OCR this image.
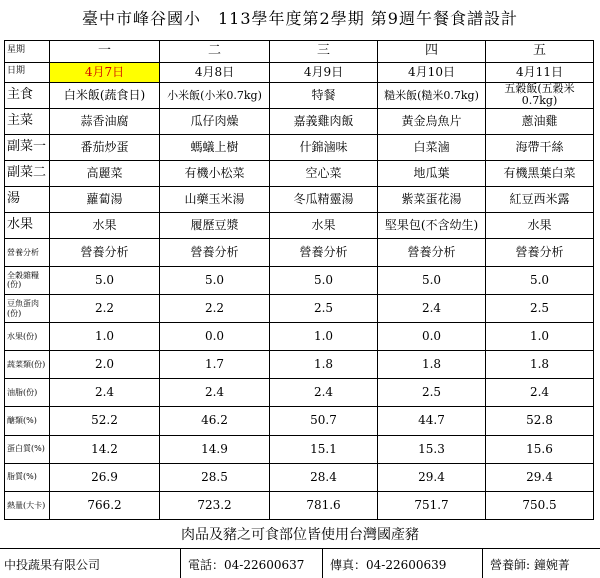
臺中市峰谷國小　113學年度第2學期 第9週午餐食譜設計
星期	一	二	三	四	五
日期	4月7日	4月8日	4月9日	4月10日	4月11日
主食	白米飯(蔬食日)	小米飯(小米0.7kg)	特餐	糙米飯(糙米0.7kg)	五穀飯(五穀米0.7kg)
主菜	蒜香油腐	瓜仔肉燥	嘉義雞肉飯	黃金烏魚片	蔥油雞
副菜一	番茄炒蛋	螞蟻上樹	什錦滷味	白菜滷	海帶干絲
副菜二	高麗菜	有機小松菜	空心菜	地瓜葉	有機黑葉白菜
湯	蘿蔔湯	山藥玉米湯	冬瓜精靈湯	紫菜蛋花湯	紅豆西米露
水果	水果	履歷豆漿	水果	堅果包(不含幼生)	水果
營養分析	營養分析	營養分析	營養分析	營養分析	營養分析
全穀雜糧(份)	5.0	5.0	5.0	5.0	5.0
豆魚蛋肉(份)	2.2	2.2	2.5	2.4	2.5
水果(份)	1.0	0.0	1.0	0.0	1.0
蔬菜類(份)	2.0	1.7	1.8	1.8	1.8
油脂(份)	2.4	2.4	2.4	2.5	2.4
醣類(%)	52.2	46.2	50.7	44.7	52.8
蛋白質(%)	14.2	14.9	15.1	15.3	15.6
脂質(%)	26.9	28.5	28.4	29.4	29.4
熱量(大卡)	766.2	723.2	781.6	751.7	750.5
肉品及豬之可食部位皆使用台灣國產豬
中投蔬果有限公司	電話：04-22600637 傳真：04-22600639	營養師: 鐘婉菁
